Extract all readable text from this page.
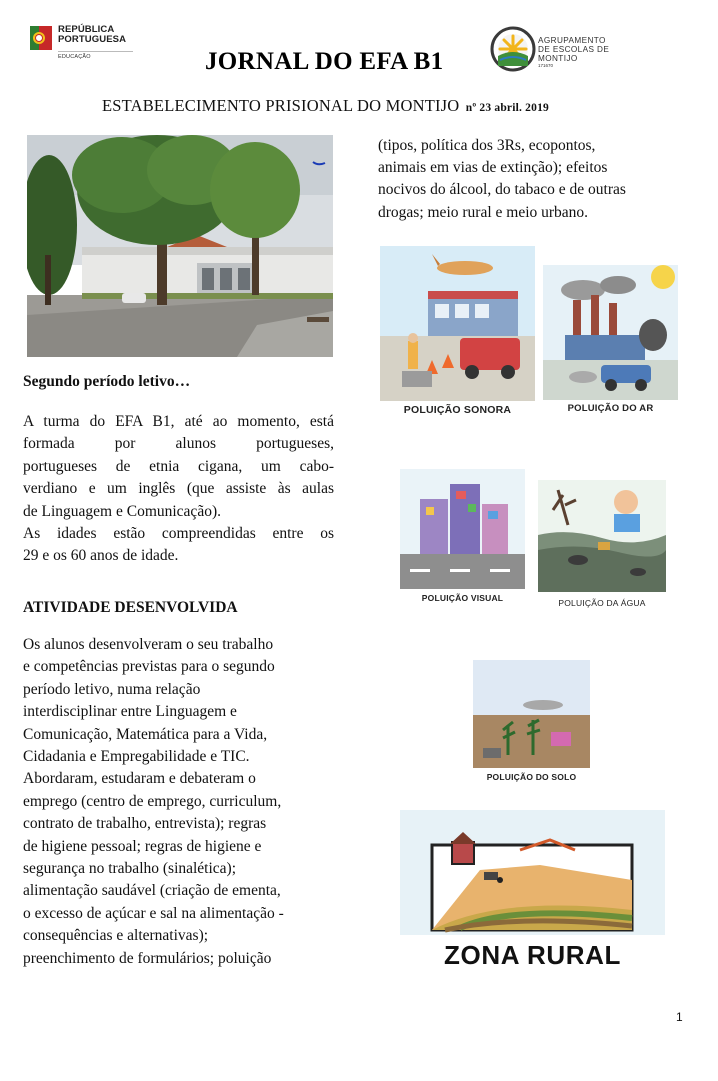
REPÚBLICA
PORTUGUESA
EDUCAÇÃO	JORNAL DO EFA B1
AGRUPAMENTO
DE ESCOLAS DE
MONTIJO
171670
ESTABELECIMENTO PRISIONAL DO MONTIJO nº 23 abril. 2019
Segundo período letivo…
A turma do EFA B1, até ao momento, está
formada por alunos portugueses,
portugueses de etnia cigana, um cabo-
verdiano e um inglês (que assiste às aulas
de Linguagem e Comunicação).
As idades estão compreendidas entre os
29 e os 60 anos de idade.
ATIVIDADE DESENVOLVIDA
Os alunos desenvolveram o seu trabalho
e competências previstas para o segundo
período letivo, numa relação
interdisciplinar entre Linguagem e
Comunicação, Matemática para a Vida,
Cidadania e Empregabilidade e TIC.
Abordaram, estudaram e debateram o
emprego (centro de emprego, curriculum,
contrato de trabalho, entrevista); regras
de higiene pessoal; regras de higiene e
segurança no trabalho (sinalética);
alimentação saudável (criação de ementa,
o excesso de açúcar e sal na alimentação -
consequências e alternativas);
preenchimento de formulários; poluição
(tipos, política dos 3Rs, ecopontos,
animais em vias de extinção); efeitos
nocivos do álcool, do tabaco e de outras
drogas; meio rural e meio urbano.
POLUIÇÃO SONORA	POLUIÇÃO DO AR
POLUIÇÃO VISUAL	POLUIÇÃO DA ÁGUA
POLUIÇÃO DO SOLO
ZONA RURAL
1
